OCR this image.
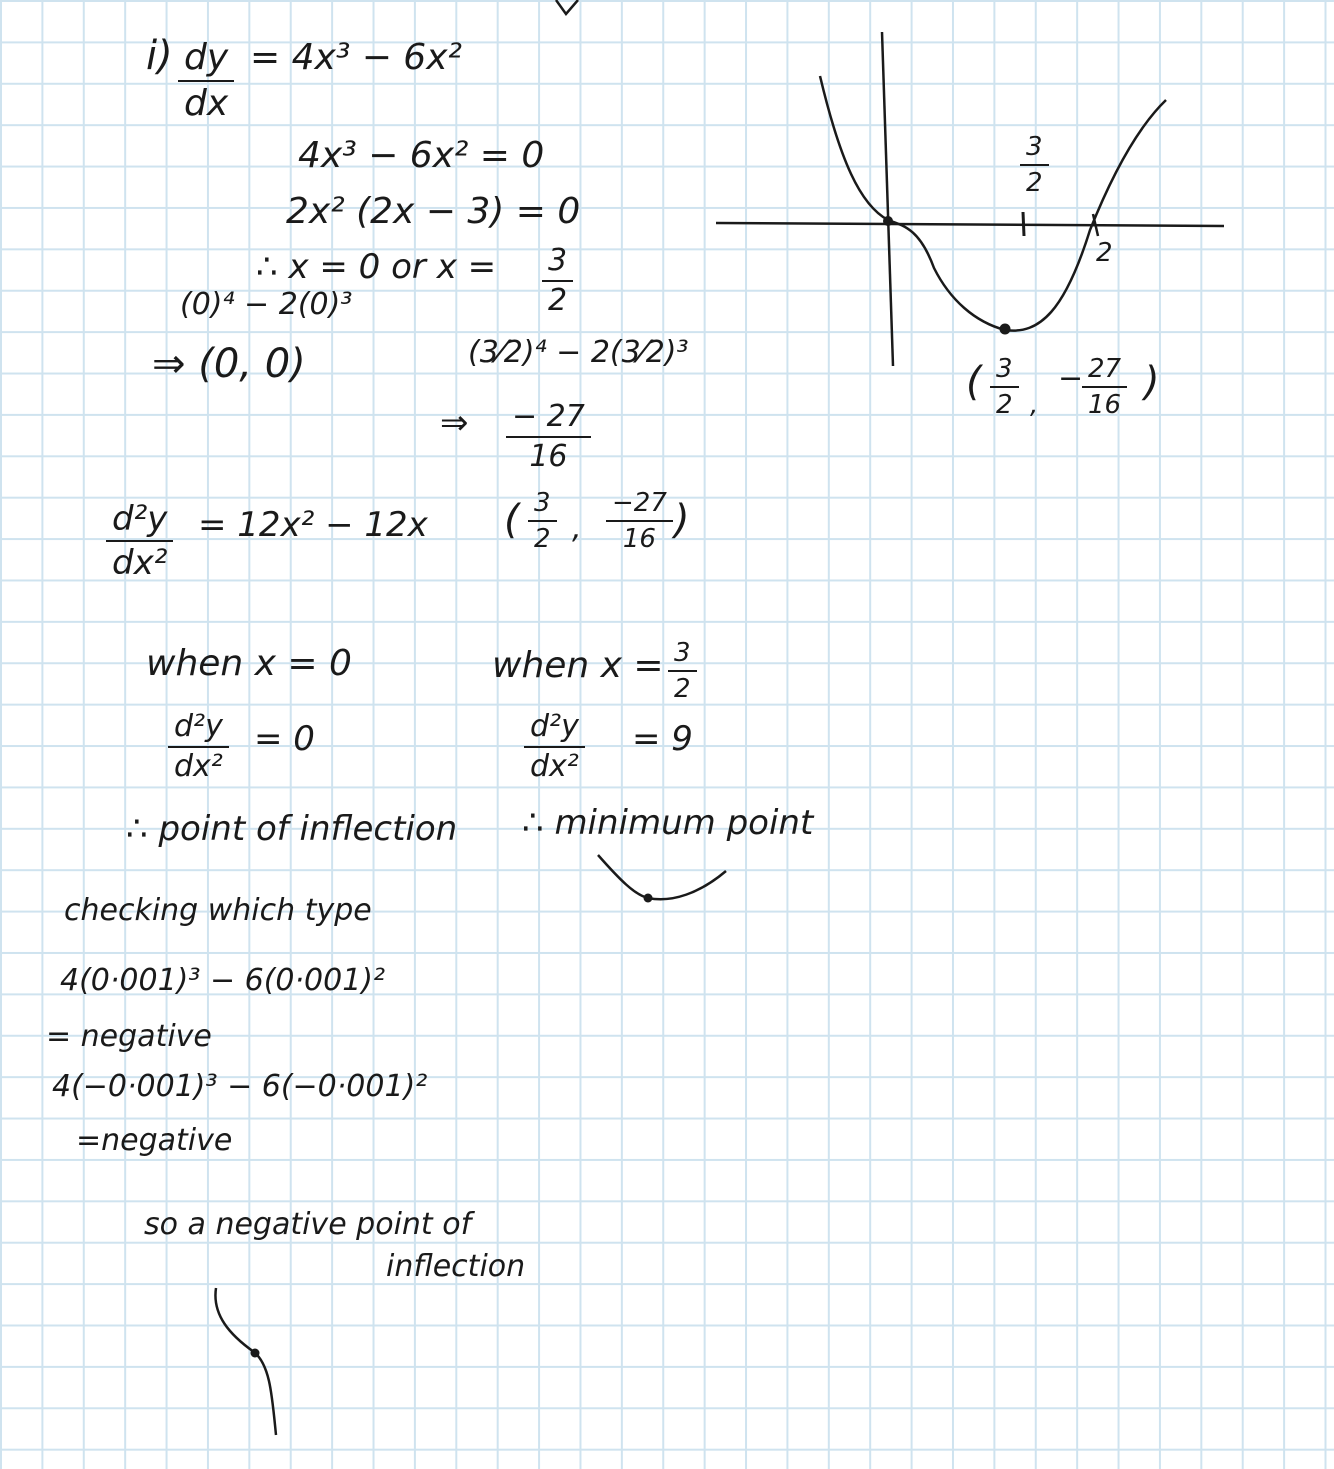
$i) \frac{dy}{dx} = 4x^3 - 6x^2$
4x³ − 6x² = 0
2x² (2x − 3) = 0
∴ x = 0 or $x = \frac{3}{2}$
(0)⁴ − 2(0)³
⇒ (0, 0)	(3⁄2)⁴ − 2(3⁄2)³
⇒ $\frac{- 27}{16}$
( $\frac{3}{2}$ , $\frac{-27}{16}$ )
$\frac{\text{d²y}}{\text{dx²}} = 12x^2 - 12x$
when x = 0
$\frac{\text{d²y}}{\text{dx²}} = 0$
∴ point of inflection
when $x = \frac{3}{2}$
$\frac{\text{d²y}}{\text{dx²}} = 9$
∴ minimum point
checking which type
4(0·001)³ − 6(0·001)²
= negative
4(−0·001)³ − 6(−0·001)²
=negative
so a negative point of
inflection
$\frac{3}{2}$
2
( $\frac{3}{2}$ ,
−
$\frac{27}{16}$ )
